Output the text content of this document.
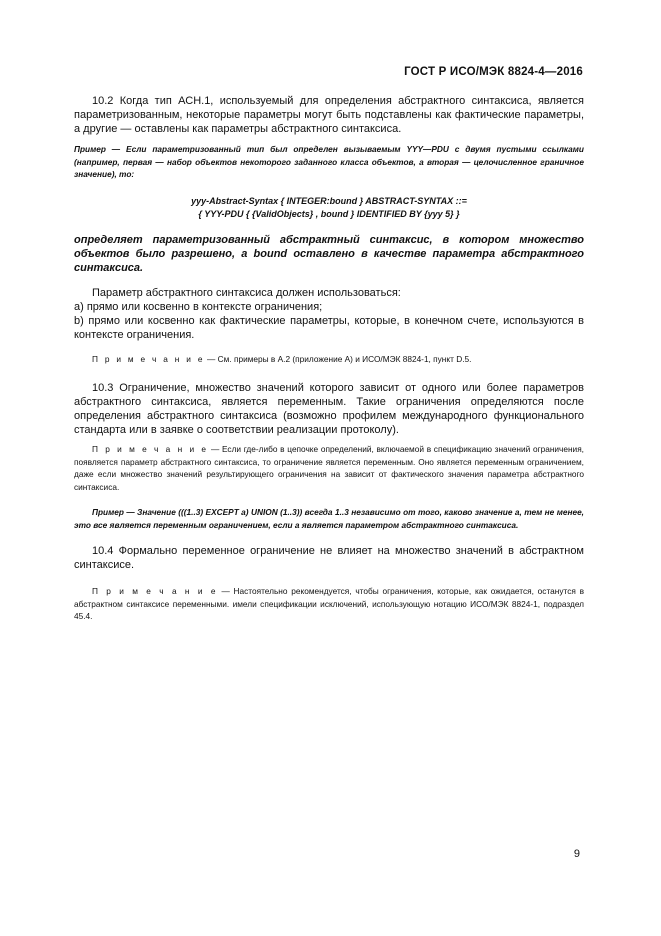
ГОСТ Р ИСО/МЭК 8824-4—2016

10.2 Когда тип АСН.1, используемый для определения абстрактного синтаксиса, является параметризованным, некоторые параметры могут быть подставлены как фактические параметры, а другие — оставлены как параметры абстрактного синтаксиса.

Пример — Если параметризованный тип был определен вызываемым YYY—PDU с двумя пустыми ссылками (например, первая — набор объектов некоторого заданного класса объектов, а вторая — целочисленное граничное значение), то:

yyy-Abstract-Syntax { INTEGER:bound } ABSTRACT-SYNTAX ::=

{ YYY-PDU { {ValidObjects} , bound } IDENTIFIED BY {yyy 5} }

определяет параметризованный абстрактный синтаксис, в котором множество объектов было разрешено, а bound оставлено в качестве параметра абстрактного синтаксиса.

Параметр абстрактного синтаксиса должен использоваться:

a) прямо или косвенно в контексте ограничения;

b) прямо или косвенно как фактические параметры, которые, в конечном счете, используются в контексте ограничения.

П р и м е ч а н и е — См. примеры в А.2 (приложение А) и ИСО/МЭК 8824-1, пункт D.5.

10.3 Ограничение, множество значений которого зависит от одного или более параметров абстрактного синтаксиса, является переменным. Такие ограничения определяются после определения абстрактного синтаксиса (возможно профилем международного функционального стандарта или в заявке о соответствии реализации протоколу).

П р и м е ч а н и е — Если где-либо в цепочке определений, включаемой в спецификацию значений ограничения, появляется параметр абстрактного синтаксиса, то ограничение является переменным. Оно является переменным ограничением, даже если множество значений результирующего ограничения на зависит от фактического значения параметра абстрактного синтаксиса.

Пример — Значение (((1..3) EXCEPT a) UNION (1..3)) всегда 1..3 независимо от того, каково значение a, тем не менее, это все является переменным ограничением, если a является параметром абстрактного синтаксиса.

10.4 Формально переменное ограничение не влияет на множество значений в абстрактном синтаксисе.

П р и м е ч а н и е — Настоятельно рекомендуется, чтобы ограничения, которые, как ожидается, останутся в абстрактном синтаксисе переменными. имели спецификации исключений, использующую нотацию ИСО/МЭК 8824-1, подраздел 45.4.

9
